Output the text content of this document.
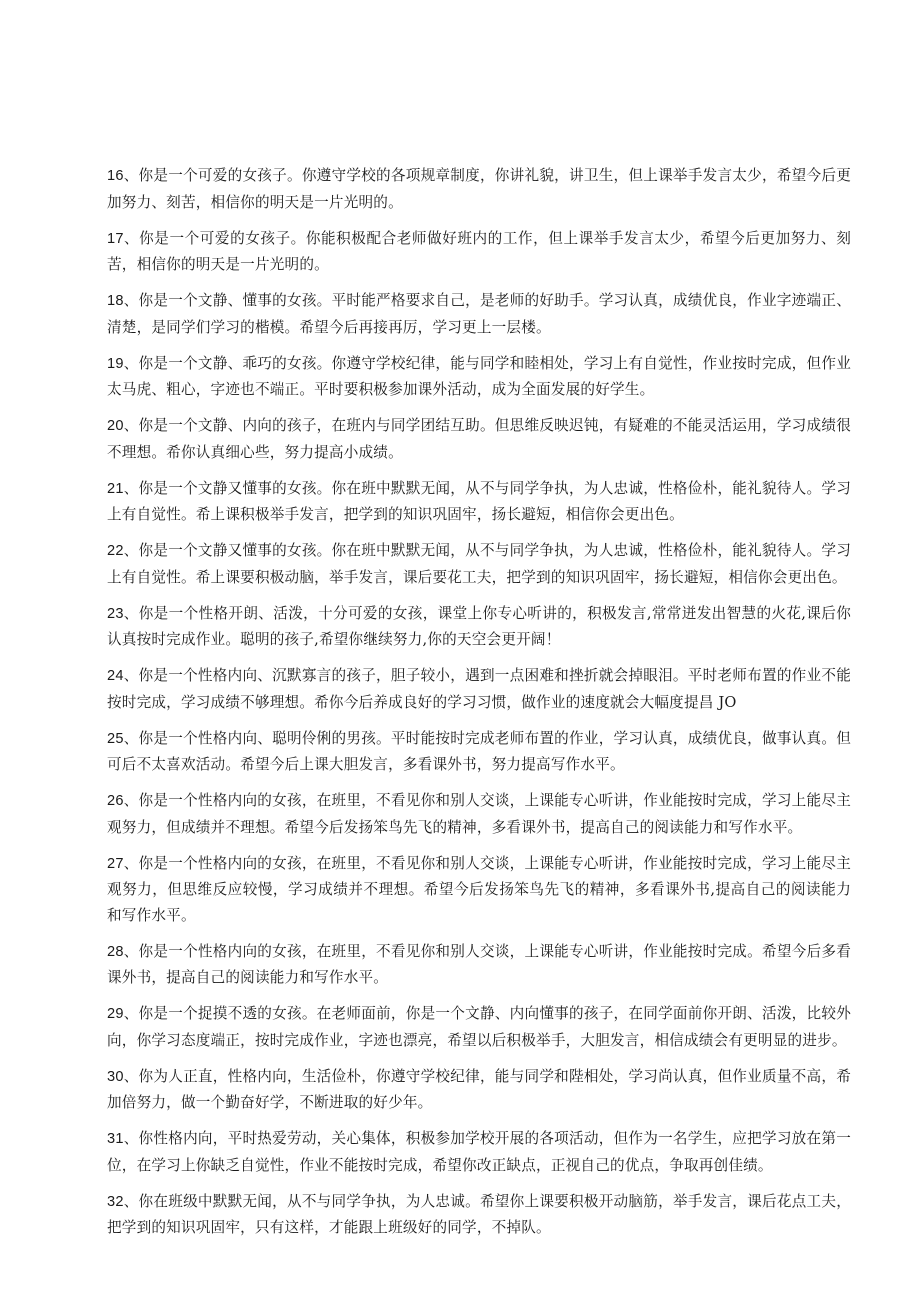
16、你是一个可爱的女孩子。你遵守学校的各项规章制度，你讲礼貌，讲卫生，但上课举手发言太少，希望今后更加努力、刻苦，相信你的明天是一片光明的。

17、你是一个可爱的女孩子。你能积极配合老师做好班内的工作，但上课举手发言太少，希望今后更加努力、刻苦，相信你的明天是一片光明的。

18、你是一个文静、懂事的女孩。平时能严格要求自己，是老师的好助手。学习认真，成绩优良，作业字迹端正、清楚，是同学们学习的楷模。希望今后再接再厉，学习更上一层楼。

19、你是一个文静、乖巧的女孩。你遵守学校纪律，能与同学和睦相处，学习上有自觉性，作业按时完成，但作业太马虎、粗心，字迹也不端正。平时要积极参加课外活动，成为全面发展的好学生。

20、你是一个文静、内向的孩子，在班内与同学团结互助。但思维反映迟钝，有疑难的不能灵活运用，学习成绩很不理想。希你认真细心些，努力提高小成绩。

21、你是一个文静又懂事的女孩。你在班中默默无闻，从不与同学争执，为人忠诚，性格俭朴，能礼貌待人。学习上有自觉性。希上课积极举手发言，把学到的知识巩固牢，扬长避短，相信你会更出色。

22、你是一个文静又懂事的女孩。你在班中默默无闻，从不与同学争执，为人忠诚，性格俭朴，能礼貌待人。学习上有自觉性。希上课要积极动脑，举手发言，课后要花工夫，把学到的知识巩固牢，扬长避短，相信你会更出色。

23、你是一个性格开朗、活泼，十分可爱的女孩，课堂上你专心听讲的，积极发言,常常迸发出智慧的火花,课后你认真按时完成作业。聪明的孩子,希望你继续努力,你的天空会更开阔！

24、你是一个性格内向、沉默寡言的孩子，胆子较小，遇到一点困难和挫折就会掉眼泪。平时老师布置的作业不能按时完成，学习成绩不够理想。希你今后养成良好的学习习惯，做作业的速度就会大幅度提昌 JO

25、你是一个性格内向、聪明伶俐的男孩。平时能按时完成老师布置的作业，学习认真，成绩优良，做事认真。但可后不太喜欢活动。希望今后上课大胆发言，多看课外书，努力提高写作水平。

26、你是一个性格内向的女孩，在班里，不看见你和别人交谈，上课能专心听讲，作业能按时完成，学习上能尽主观努力，但成绩并不理想。希望今后发扬笨鸟先飞的精神，多看课外书，提高自己的阅读能力和写作水平。

27、你是一个性格内向的女孩，在班里，不看见你和别人交谈，上课能专心听讲，作业能按时完成，学习上能尽主观努力，但思维反应较慢，学习成绩并不理想。希望今后发扬笨鸟先飞的精神，多看课外书,提高自己的阅读能力和写作水平。

28、你是一个性格内向的女孩，在班里，不看见你和别人交谈，上课能专心听讲，作业能按时完成。希望今后多看课外书，提高自己的阅读能力和写作水平。

29、你是一个捉摸不透的女孩。在老师面前，你是一个文静、内向懂事的孩子，在同学面前你开朗、活泼，比较外向，你学习态度端正，按时完成作业，字迹也漂亮，希望以后积极举手，大胆发言，相信成绩会有更明显的进步。

30、你为人正直，性格内向，生活俭朴，你遵守学校纪律，能与同学和陛相处，学习尚认真，但作业质量不高，希加倍努力，做一个勤奋好学，不断进取的好少年。

31、你性格内向，平时热爱劳动，关心集体，积极参加学校开展的各项活动，但作为一名学生，应把学习放在第一位，在学习上你缺乏自觉性，作业不能按时完成，希望你改正缺点，正视自己的优点，争取再创佳绩。

32、你在班级中默默无闻，从不与同学争执，为人忠诚。希望你上课要积极开动脑筋，举手发言，课后花点工夫，把学到的知识巩固牢，只有这样，才能跟上班级好的同学，不掉队。
